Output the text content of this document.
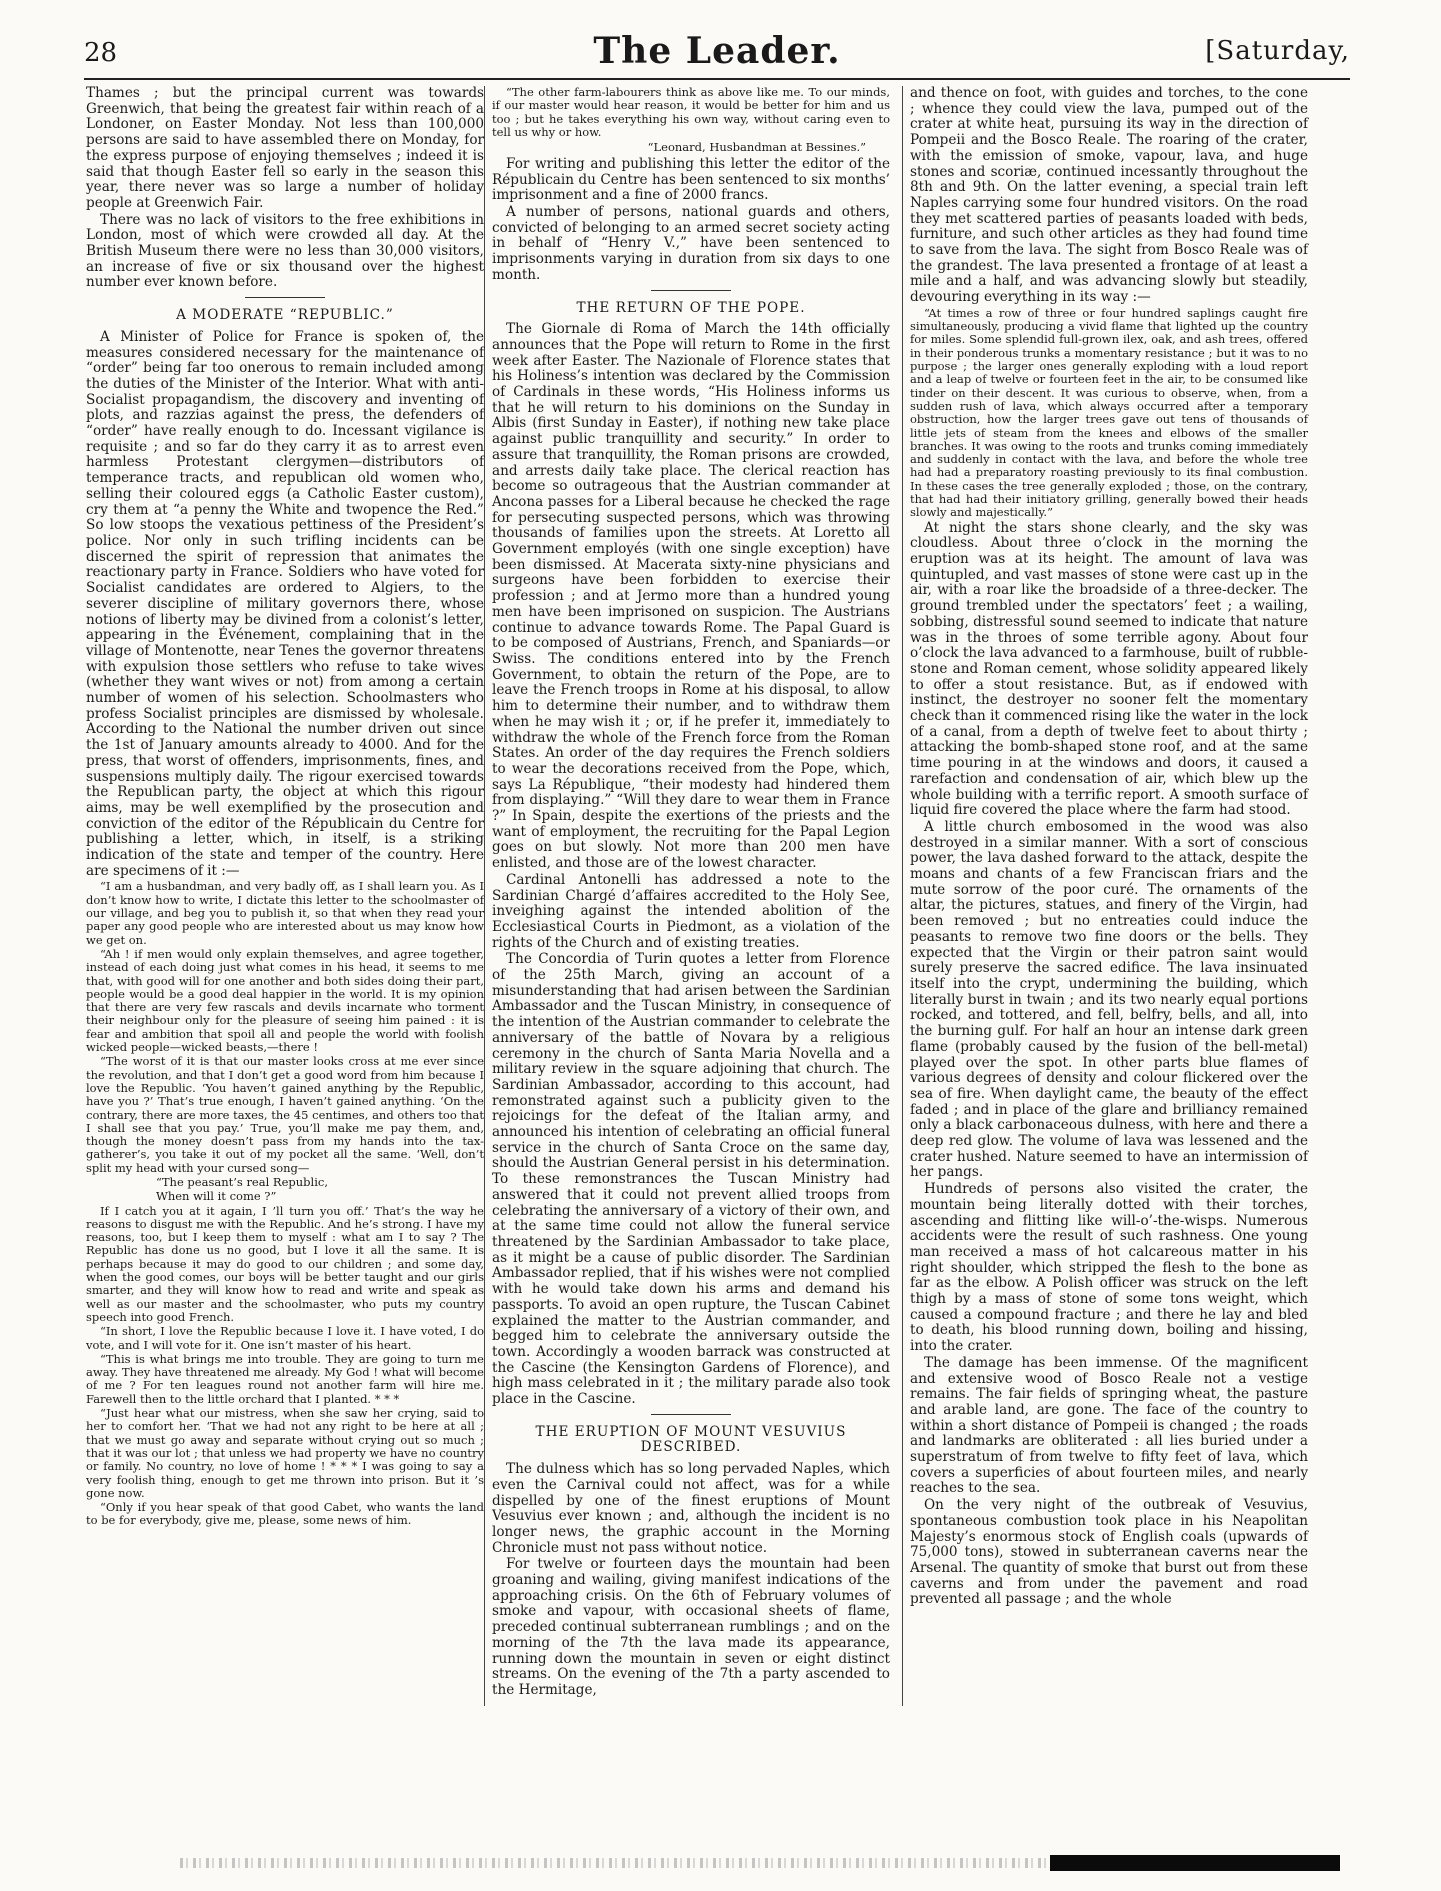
28	The Leader.	[Saturday,

Thames ; but the principal current was towards Greenwich, that being the greatest fair within reach of a Londoner, on Easter Monday. Not less than 100,000 persons are said to have assembled there on Monday, for the express purpose of enjoying themselves ; indeed it is said that though Easter fell so early in the season this year, there never was so large a number of holiday people at Greenwich Fair.

There was no lack of visitors to the free exhibitions in London, most of which were crowded all day. At the British Museum there were no less than 30,000 visitors, an increase of five or six thousand over the highest number ever known before.

A MODERATE “REPUBLIC.”

A Minister of Police for France is spoken of, the measures considered necessary for the maintenance of “order” being far too onerous to remain included among the duties of the Minister of the Interior. What with anti-Socialist propagandism, the discovery and inventing of plots, and razzias against the press, the defenders of “order” have really enough to do. Incessant vigilance is requisite ; and so far do they carry it as to arrest even harmless Protestant clergymen—distributors of temperance tracts, and republican old women who, selling their coloured eggs (a Catholic Easter custom), cry them at “a penny the White and twopence the Red.” So low stoops the vexatious pettiness of the President’s police. Nor only in such trifling incidents can be discerned the spirit of repression that animates the reactionary party in France. Soldiers who have voted for Socialist candidates are ordered to Algiers, to the severer discipline of military governors there, whose notions of liberty may be divined from a colonist’s letter, appearing in the Événement, complaining that in the village of Montenotte, near Tenes the governor threatens with expulsion those settlers who refuse to take wives (whether they want wives or not) from among a certain number of women of his selection. Schoolmasters who profess Socialist principles are dismissed by wholesale. According to the National the number driven out since the 1st of January amounts already to 4000. And for the press, that worst of offenders, imprisonments, fines, and suspensions multiply daily. The rigour exercised towards the Republican party, the object at which this rigour aims, may be well exemplified by the prosecution and conviction of the editor of the Républicain du Centre for publishing a letter, which, in itself, is a striking indication of the state and temper of the country. Here are specimens of it :—

“I am a husbandman, and very badly off, as I shall learn you. As I don’t know how to write, I dictate this letter to the schoolmaster of our village, and beg you to publish it, so that when they read your paper any good people who are interested about us may know how we get on.

“Ah ! if men would only explain themselves, and agree together, instead of each doing just what comes in his head, it seems to me that, with good will for one another and both sides doing their part, people would be a good deal happier in the world. It is my opinion that there are very few rascals and devils incarnate who torment their neighbour only for the pleasure of seeing him pained : it is fear and ambition that spoil all and people the world with foolish wicked people—wicked beasts,—there !

“The worst of it is that our master looks cross at me ever since the revolution, and that I don’t get a good word from him because I love the Republic. ‘You haven’t gained anything by the Republic, have you ?’ That’s true enough, I haven’t gained anything. ‘On the contrary, there are more taxes, the 45 centimes, and others too that I shall see that you pay.’ True, you’ll make me pay them, and, though the money doesn’t pass from my hands into the tax-gatherer’s, you take it out of my pocket all the same. ‘Well, don’t split my head with your cursed song—

“The peasant’s real Republic,

When will it come ?”

If I catch you at it again, I ’ll turn you off.’ That’s the way he reasons to disgust me with the Republic. And he’s strong. I have my reasons, too, but I keep them to myself : what am I to say ? The Republic has done us no good, but I love it all the same. It is perhaps because it may do good to our children ; and some day, when the good comes, our boys will be better taught and our girls smarter, and they will know how to read and write and speak as well as our master and the schoolmaster, who puts my country speech into good French.

“In short, I love the Republic because I love it. I have voted, I do vote, and I will vote for it. One isn’t master of his heart.

“This is what brings me into trouble. They are going to turn me away. They have threatened me already. My God ! what will become of me ? For ten leagues round not another farm will hire me. Farewell then to the little orchard that I planted. * * *

“Just hear what our mistress, when she saw her crying, said to her to comfort her. ‘That we had not any right to be here at all ; that we must go away and separate without crying out so much ; that it was our lot ; that unless we had property we have no country or family. No country, no love of home ! * * * I was going to say a very foolish thing, enough to get me thrown into prison. But it ’s gone now.

“Only if you hear speak of that good Cabet, who wants the land to be for everybody, give me, please, some news of him.

“The other farm-labourers think as above like me. To our minds, if our master would hear reason, it would be better for him and us too ; but he takes everything his own way, without caring even to tell us why or how.

“Leonard, Husbandman at Bessines.”

For writing and publishing this letter the editor of the Républicain du Centre has been sentenced to six months’ imprisonment and a fine of 2000 francs.

A number of persons, national guards and others, convicted of belonging to an armed secret society acting in behalf of “Henry V.,” have been sentenced to imprisonments varying in duration from six days to one month.

THE RETURN OF THE POPE.

The Giornale di Roma of March the 14th officially announces that the Pope will return to Rome in the first week after Easter. The Nazionale of Florence states that his Holiness’s intention was declared by the Commission of Cardinals in these words, “His Holiness informs us that he will return to his dominions on the Sunday in Albis (first Sunday in Easter), if nothing new take place against public tranquillity and security.” In order to assure that tranquillity, the Roman prisons are crowded, and arrests daily take place. The clerical reaction has become so outrageous that the Austrian commander at Ancona passes for a Liberal because he checked the rage for persecuting suspected persons, which was throwing thousands of families upon the streets. At Loretto all Government employés (with one single exception) have been dismissed. At Macerata sixty-nine physicians and surgeons have been forbidden to exercise their profession ; and at Jermo more than a hundred young men have been imprisoned on suspicion. The Austrians continue to advance towards Rome. The Papal Guard is to be composed of Austrians, French, and Spaniards—or Swiss. The conditions entered into by the French Government, to obtain the return of the Pope, are to leave the French troops in Rome at his disposal, to allow him to determine their number, and to withdraw them when he may wish it ; or, if he prefer it, immediately to withdraw the whole of the French force from the Roman States. An order of the day requires the French soldiers to wear the decorations received from the Pope, which, says La République, “their modesty had hindered them from displaying.” “Will they dare to wear them in France ?” In Spain, despite the exertions of the priests and the want of employment, the recruiting for the Papal Legion goes on but slowly. Not more than 200 men have enlisted, and those are of the lowest character.

Cardinal Antonelli has addressed a note to the Sardinian Chargé d’affaires accredited to the Holy See, inveighing against the intended abolition of the Ecclesiastical Courts in Piedmont, as a violation of the rights of the Church and of existing treaties.

The Concordia of Turin quotes a letter from Florence of the 25th March, giving an account of a misunderstanding that had arisen between the Sardinian Ambassador and the Tuscan Ministry, in consequence of the intention of the Austrian commander to celebrate the anniversary of the battle of Novara by a religious ceremony in the church of Santa Maria Novella and a military review in the square adjoining that church. The Sardinian Ambassador, according to this account, had remonstrated against such a publicity given to the rejoicings for the defeat of the Italian army, and announced his intention of celebrating an official funeral service in the church of Santa Croce on the same day, should the Austrian General persist in his determination. To these remonstrances the Tuscan Ministry had answered that it could not prevent allied troops from celebrating the anniversary of a victory of their own, and at the same time could not allow the funeral service threatened by the Sardinian Ambassador to take place, as it might be a cause of public disorder. The Sardinian Ambassador replied, that if his wishes were not complied with he would take down his arms and demand his passports. To avoid an open rupture, the Tuscan Cabinet explained the matter to the Austrian commander, and begged him to celebrate the anniversary outside the town. Accordingly a wooden barrack was constructed at the Cascine (the Kensington Gardens of Florence), and high mass celebrated in it ; the military parade also took place in the Cascine.

THE ERUPTION OF MOUNT VESUVIUS DESCRIBED.

The dulness which has so long pervaded Naples, which even the Carnival could not affect, was for a while dispelled by one of the finest eruptions of Mount Vesuvius ever known ; and, although the incident is no longer news, the graphic account in the Morning Chronicle must not pass without notice.

For twelve or fourteen days the mountain had been groaning and wailing, giving manifest indications of the approaching crisis. On the 6th of February volumes of smoke and vapour, with occasional sheets of flame, preceded continual subterranean rumblings ; and on the morning of the 7th the lava made its appearance, running down the mountain in seven or eight distinct streams. On the evening of the 7th a party ascended to the Hermitage,

and thence on foot, with guides and torches, to the cone ; whence they could view the lava, pumped out of the crater at white heat, pursuing its way in the direction of Pompeii and the Bosco Reale. The roaring of the crater, with the emission of smoke, vapour, lava, and huge stones and scoriæ, continued incessantly throughout the 8th and 9th. On the latter evening, a special train left Naples carrying some four hundred visitors. On the road they met scattered parties of peasants loaded with beds, furniture, and such other articles as they had found time to save from the lava. The sight from Bosco Reale was of the grandest. The lava presented a frontage of at least a mile and a half, and was advancing slowly but steadily, devouring everything in its way :—

“At times a row of three or four hundred saplings caught fire simultaneously, producing a vivid flame that lighted up the country for miles. Some splendid full-grown ilex, oak, and ash trees, offered in their ponderous trunks a momentary resistance ; but it was to no purpose ; the larger ones generally exploding with a loud report and a leap of twelve or fourteen feet in the air, to be consumed like tinder on their descent. It was curious to observe, when, from a sudden rush of lava, which always occurred after a temporary obstruction, how the larger trees gave out tens of thousands of little jets of steam from the knees and elbows of the smaller branches. It was owing to the roots and trunks coming immediately and suddenly in contact with the lava, and before the whole tree had had a preparatory roasting previously to its final combustion. In these cases the tree generally exploded ; those, on the contrary, that had had their initiatory grilling, generally bowed their heads slowly and majestically.”

At night the stars shone clearly, and the sky was cloudless. About three o’clock in the morning the eruption was at its height. The amount of lava was quintupled, and vast masses of stone were cast up in the air, with a roar like the broadside of a three-decker. The ground trembled under the spectators’ feet ; a wailing, sobbing, distressful sound seemed to indicate that nature was in the throes of some terrible agony. About four o’clock the lava advanced to a farmhouse, built of rubble-stone and Roman cement, whose solidity appeared likely to offer a stout resistance. But, as if endowed with instinct, the destroyer no sooner felt the momentary check than it commenced rising like the water in the lock of a canal, from a depth of twelve feet to about thirty ; attacking the bomb-shaped stone roof, and at the same time pouring in at the windows and doors, it caused a rarefaction and condensation of air, which blew up the whole building with a terrific report. A smooth surface of liquid fire covered the place where the farm had stood.

A little church embosomed in the wood was also destroyed in a similar manner. With a sort of conscious power, the lava dashed forward to the attack, despite the moans and chants of a few Franciscan friars and the mute sorrow of the poor curé. The ornaments of the altar, the pictures, statues, and finery of the Virgin, had been removed ; but no entreaties could induce the peasants to remove two fine doors or the bells. They expected that the Virgin or their patron saint would surely preserve the sacred edifice. The lava insinuated itself into the crypt, undermining the building, which literally burst in twain ; and its two nearly equal portions rocked, and tottered, and fell, belfry, bells, and all, into the burning gulf. For half an hour an intense dark green flame (probably caused by the fusion of the bell-metal) played over the spot. In other parts blue flames of various degrees of density and colour flickered over the sea of fire. When daylight came, the beauty of the effect faded ; and in place of the glare and brilliancy remained only a black carbonaceous dulness, with here and there a deep red glow. The volume of lava was lessened and the crater hushed. Nature seemed to have an intermission of her pangs.

Hundreds of persons also visited the crater, the mountain being literally dotted with their torches, ascending and flitting like will-o’-the-wisps. Numerous accidents were the result of such rashness. One young man received a mass of hot calcareous matter in his right shoulder, which stripped the flesh to the bone as far as the elbow. A Polish officer was struck on the left thigh by a mass of stone of some tons weight, which caused a compound fracture ; and there he lay and bled to death, his blood running down, boiling and hissing, into the crater.

The damage has been immense. Of the magnificent and extensive wood of Bosco Reale not a vestige remains. The fair fields of springing wheat, the pasture and arable land, are gone. The face of the country to within a short distance of Pompeii is changed ; the roads and landmarks are obliterated : all lies buried under a superstratum of from twelve to fifty feet of lava, which covers a superficies of about fourteen miles, and nearly reaches to the sea.

On the very night of the outbreak of Vesuvius, spontaneous combustion took place in his Neapolitan Majesty’s enormous stock of English coals (upwards of 75,000 tons), stowed in subterranean caverns near the Arsenal. The quantity of smoke that burst out from these caverns and from under the pavement and road prevented all passage ; and the whole
